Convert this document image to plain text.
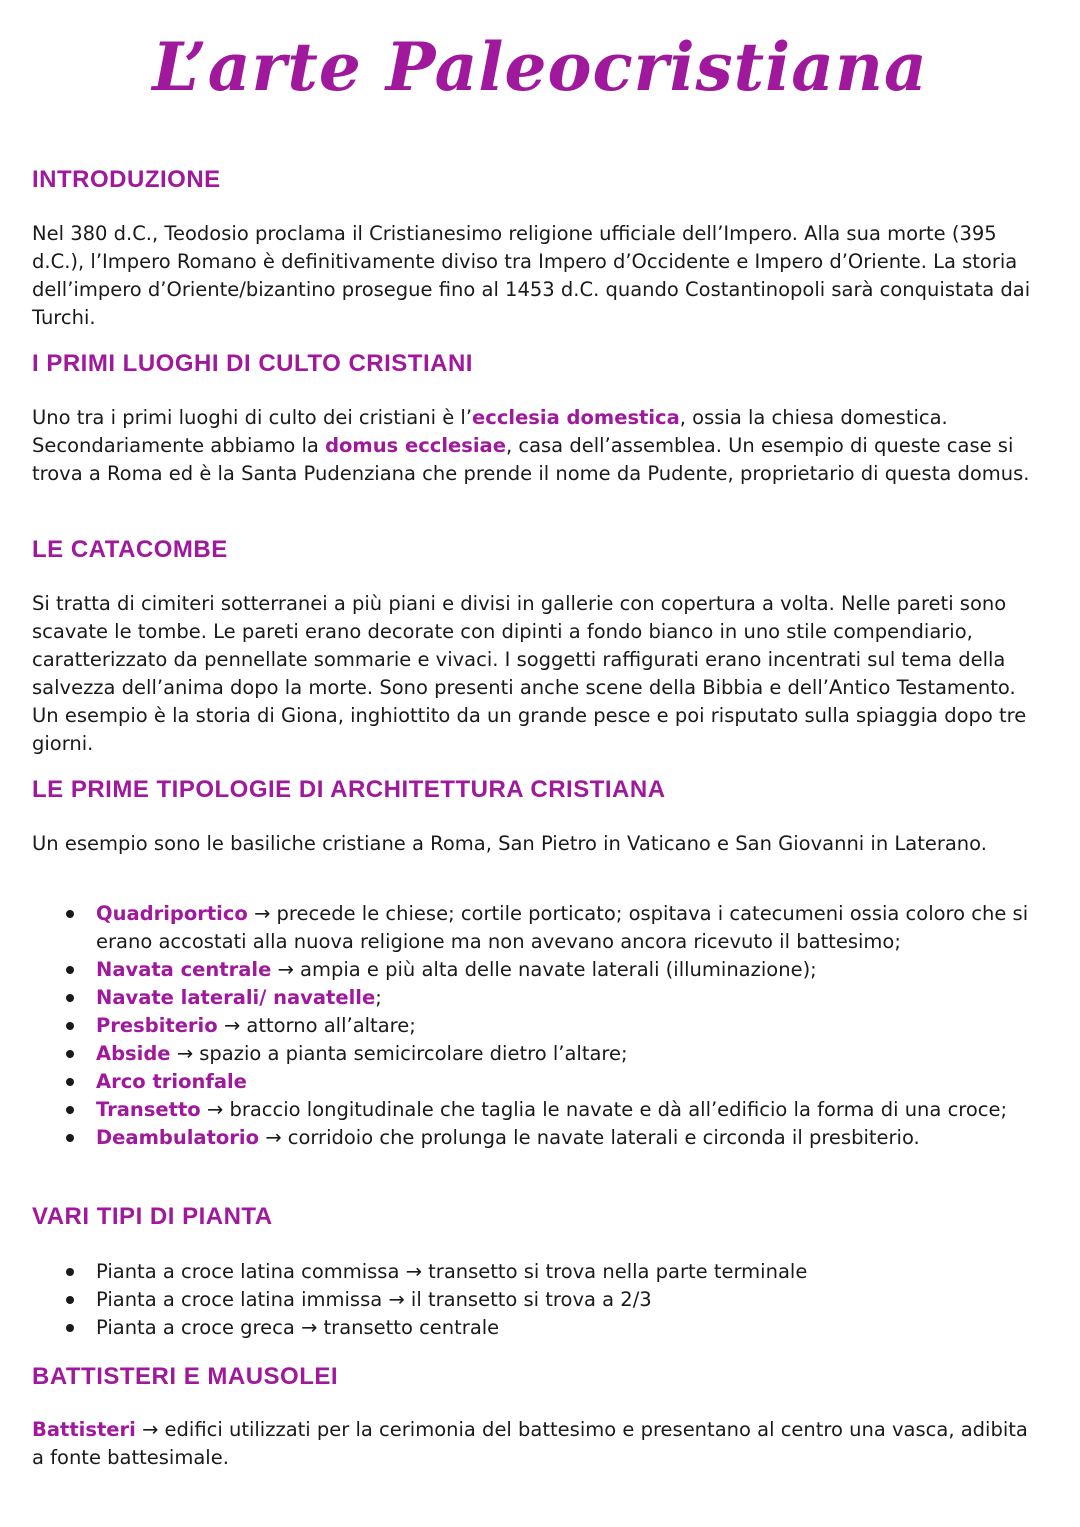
L’arte Paleocristiana
INTRODUZIONE

Nel 380 d.C., Teodosio proclama il Cristianesimo religione ufficiale dell’Impero. Alla sua morte (395 d.C.), l’Impero Romano è definitivamente diviso tra Impero d’Occidente e Impero d’Oriente. La storia dell’impero d’Oriente/bizantino prosegue fino al 1453 d.C. quando Costantinopoli sarà conquistata dai Turchi.

I PRIMI LUOGHI DI CULTO CRISTIANI

Uno tra i primi luoghi di culto dei cristiani è l’ecclesia domestica, ossia la chiesa domestica. Secondariamente abbiamo la domus ecclesiae, casa dell’assemblea. Un esempio di queste case si trova a Roma ed è la Santa Pudenziana che prende il nome da Pudente, proprietario di questa domus.

LE CATACOMBE

Si tratta di cimiteri sotterranei a più piani e divisi in gallerie con copertura a volta. Nelle pareti sono scavate le tombe. Le pareti erano decorate con dipinti a fondo bianco in uno stile compendiario, caratterizzato da pennellate sommarie e vivaci. I soggetti raffigurati erano incentrati sul tema della salvezza dell’anima dopo la morte. Sono presenti anche scene della Bibbia e dell’Antico Testamento. Un esempio è la storia di Giona, inghiottito da un grande pesce e poi risputato sulla spiaggia dopo tre giorni.

LE PRIME TIPOLOGIE DI ARCHITETTURA CRISTIANA

Un esempio sono le basiliche cristiane a Roma, San Pietro in Vaticano e San Giovanni in Laterano.

Quadriportico → precede le chiese; cortile porticato; ospitava i catecumeni ossia coloro che si erano accostati alla nuova religione ma non avevano ancora ricevuto il battesimo;
Navata centrale → ampia e più alta delle navate laterali (illuminazione);
Navate laterali/ navatelle;
Presbiterio → attorno all’altare;
Abside → spazio a pianta semicircolare dietro l’altare;
Arco trionfale
Transetto → braccio longitudinale che taglia le navate e dà all’edificio la forma di una croce;
Deambulatorio → corridoio che prolunga le navate laterali e circonda il presbiterio.
VARI TIPI DI PIANTA
Pianta a croce latina commissa → transetto si trova nella parte terminale
Pianta a croce latina immissa → il transetto si trova a 2/3
Pianta a croce greca → transetto centrale
BATTISTERI E MAUSOLEI

Battisteri → edifici utilizzati per la cerimonia del battesimo e presentano al centro una vasca, adibita a fonte battesimale.
